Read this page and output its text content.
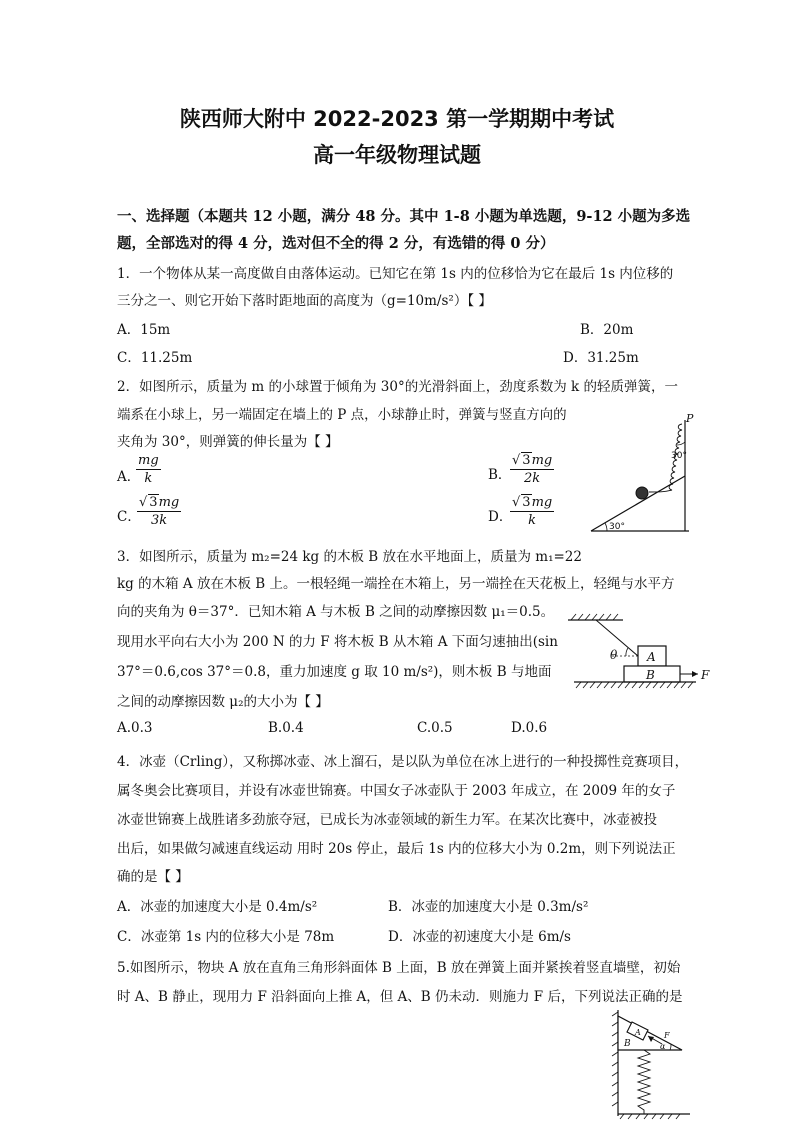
陕西师大附中 2022-2023 第一学期期中考试
高一年级物理试题
一、选择题（本题共 12 小题，满分 48 分。其中 1-8 小题为单选题，9-12 小题为多选
题，全部选对的得 4 分，选对但不全的得 2 分，有选错的得 0 分）
1．一个物体从某一高度做自由落体运动。已知它在第 1s 内的位移恰为它在最后 1s 内位移的
三分之一、则它开始下落时距地面的高度为（g=10m/s²）【 】
A．15m	B．20m
C．11.25m	D．31.25m
2．如图所示，质量为 m 的小球置于倾角为 30°的光滑斜面上，劲度系数为 k 的轻质弹簧，一
端系在小球上，另一端固定在墙上的 P 点，小球静止时，弹簧与竖直方向的
夹角为 30°，则弹簧的伸长量为【 】
A．
$\frac{mg}{k}$	B．
$\frac{√ 3mg}{2k}$
C．
$\frac{√ 3mg}{3k}$	D．
$\frac{√ 3mg}{k}$
P
30°
30°
3．如图所示，质量为 m₂=24 kg 的木板 B 放在水平地面上，质量为 m₁=22
kg 的木箱 A 放在木板 B 上。一根轻绳一端拴在木箱上，另一端拴在天花板上，轻绳与水平方
向的夹角为 θ＝37°．已知木箱 A 与木板 B 之间的动摩擦因数 μ₁＝0.5。
现用水平向右大小为 200 N 的力 F 将木板 B 从木箱 A 下面匀速抽出(sin
37°＝0.6,cos 37°＝0.8，重力加速度 g 取 10 m/s²)，则木板 B 与地面
之间的动摩擦因数 μ₂的大小为【 】
A.0.3	B.0.4	C.0.5	D.0.6
θ A
B	F
4．冰壶（Crling），又称掷冰壶、冰上溜石，是以队为单位在冰上进行的一种投掷性竞赛项目，
属冬奥会比赛项目，并设有冰壶世锦赛。中国女子冰壶队于 2003 年成立，在 2009 年的女子
冰壶世锦赛上战胜诸多劲旅夺冠，已成长为冰壶领域的新生力军。在某次比赛中，冰壶被投
出后，如果做匀减速直线运动 用时 20s 停止，最后 1s 内的位移大小为 0.2m，则下列说法正
确的是【 】
A．冰壶的加速度大小是 0.4m/s²	B．冰壶的加速度大小是 0.3m/s²
C．冰壶第 1s 内的位移大小是 78m	D．冰壶的初速度大小是 6m/s
5.如图所示，物块 A 放在直角三角形斜面体 B 上面，B 放在弹簧上面并紧挨着竖直墙壁，初始
时 A、B 静止，现用力 F 沿斜面向上推 A，但 A、B 仍未动．则施力 F 后，下列说法正确的是
A
B
F
α
